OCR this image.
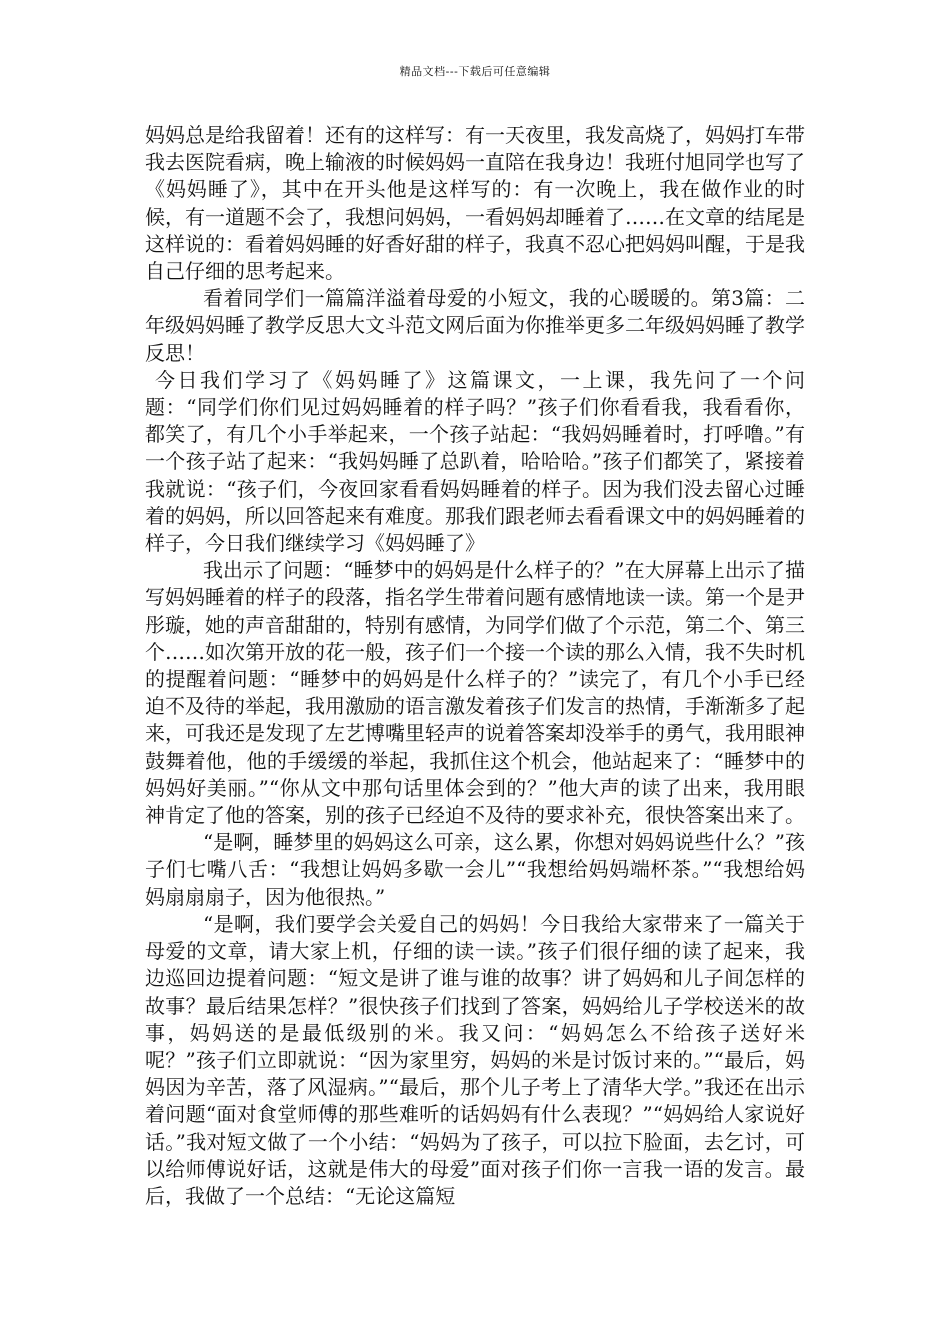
精品文档---下载后可任意编辑

妈妈总是给我留着！还有的这样写：有一天夜里，我发高烧了，妈妈打车带我去医院看病，晚上输液的时候妈妈一直陪在我身边！我班付旭同学也写了《妈妈睡了》，其中在开头他是这样写的：有一次晚上，我在做作业的时候，有一道题不会了，我想问妈妈，一看妈妈却睡着了……在文章的结尾是这样说的：看着妈妈睡的好香好甜的样子，我真不忍心把妈妈叫醒，于是我自己仔细的思考起来。

看着同学们一篇篇洋溢着母爱的小短文，我的心暖暖的。第3篇：二年级妈妈睡了教学反思大文斗范文网后面为你推举更多二年级妈妈睡了教学反思！

今日我们学习了《妈妈睡了》这篇课文，一上课，我先问了一个问题：“同学们你们见过妈妈睡着的样子吗？”孩子们你看看我，我看看你，都笑了，有几个小手举起来，一个孩子站起：“我妈妈睡着时，打呼噜。”有一个孩子站了起来：“我妈妈睡了总趴着，哈哈哈。”孩子们都笑了，紧接着我就说：“孩子们，今夜回家看看妈妈睡着的样子。因为我们没去留心过睡着的妈妈，所以回答起来有难度。那我们跟老师去看看课文中的妈妈睡着的样子，今日我们继续学习《妈妈睡了》

我出示了问题：“睡梦中的妈妈是什么样子的？”在大屏幕上出示了描写妈妈睡着的样子的段落，指名学生带着问题有感情地读一读。第一个是尹彤璇，她的声音甜甜的，特别有感情，为同学们做了个示范，第二个、第三个……如次第开放的花一般，孩子们一个接一个读的那么入情，我不失时机的提醒着问题：“睡梦中的妈妈是什么样子的？”读完了，有几个小手已经迫不及待的举起，我用激励的语言激发着孩子们发言的热情，手渐渐多了起来，可我还是发现了左艺博嘴里轻声的说着答案却没举手的勇气，我用眼神鼓舞着他，他的手缓缓的举起，我抓住这个机会，他站起来了：“睡梦中的妈妈好美丽。”“你从文中那句话里体会到的？”他大声的读了出来，我用眼神肯定了他的答案，别的孩子已经迫不及待的要求补充，很快答案出来了。

“是啊，睡梦里的妈妈这么可亲，这么累，你想对妈妈说些什么？”孩子们七嘴八舌：“我想让妈妈多歇一会儿”“我想给妈妈端杯茶。”“我想给妈妈扇扇扇子，因为他很热。”

“是啊，我们要学会关爱自己的妈妈！今日我给大家带来了一篇关于母爱的文章，请大家上机，仔细的读一读。”孩子们很仔细的读了起来，我边巡回边提着问题：“短文是讲了谁与谁的故事？讲了妈妈和儿子间怎样的故事？最后结果怎样？”很快孩子们找到了答案，妈妈给儿子学校送米的故事，妈妈送的是最低级别的米。我又问：“妈妈怎么不给孩子送好米呢？”孩子们立即就说：“因为家里穷，妈妈的米是讨饭讨来的。”“最后，妈妈因为辛苦，落了风湿病。”“最后，那个儿子考上了清华大学。”我还在出示着问题“面对食堂师傅的那些难听的话妈妈有什么表现？”“妈妈给人家说好话。”我对短文做了一个小结：“妈妈为了孩子，可以拉下脸面，去乞讨，可以给师傅说好话，这就是伟大的母爱”面对孩子们你一言我一语的发言。最后，我做了一个总结：“无论这篇短
